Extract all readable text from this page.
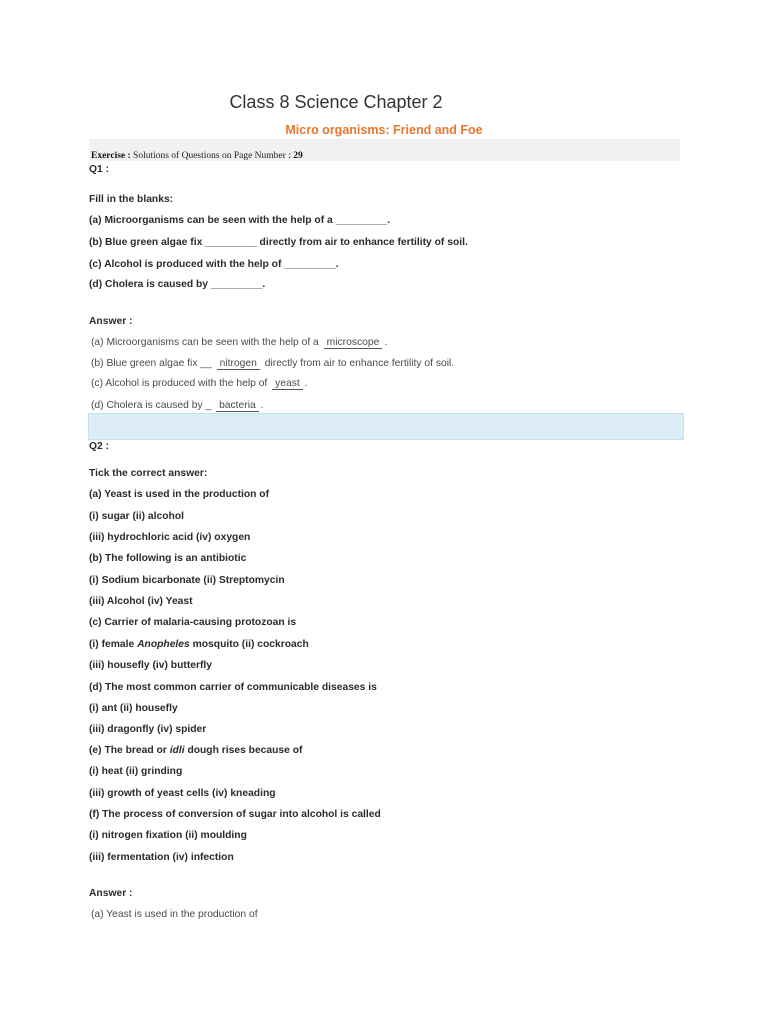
Class 8 Science Chapter 2
Micro organisms: Friend and Foe
Exercise : Solutions of Questions on Page Number : 29
Q1 :
Fill in the blanks:
(a) Microorganisms can be seen with the help of a _________.
(b) Blue green algae fix _________ directly from air to enhance fertility of soil.
(c) Alcohol is produced with the help of _________.
(d) Cholera is caused by _________.
Answer :
(a) Microorganisms can be seen with the help of a microscope .
(b) Blue green algae fix __ nitrogen directly from air to enhance fertility of soil.
(c) Alcohol is produced with the help of yeast .
(d) Cholera is caused by _ bacteria .
Q2 :
Tick the correct answer:
(a) Yeast is used in the production of
(i) sugar (ii) alcohol
(iii) hydrochloric acid (iv) oxygen
(b) The following is an antibiotic
(i) Sodium bicarbonate (ii) Streptomycin
(iii) Alcohol (iv) Yeast
(c) Carrier of malaria-causing protozoan is
(i) female Anopheles mosquito (ii) cockroach
(iii) housefly (iv) butterfly
(d) The most common carrier of communicable diseases is
(i) ant (ii) housefly
(iii) dragonfly (iv) spider
(e) The bread or idli dough rises because of
(i) heat (ii) grinding
(iii) growth of yeast cells (iv) kneading
(f) The process of conversion of sugar into alcohol is called
(i) nitrogen fixation (ii) moulding
(iii) fermentation (iv) infection
Answer :
(a) Yeast is used in the production of
